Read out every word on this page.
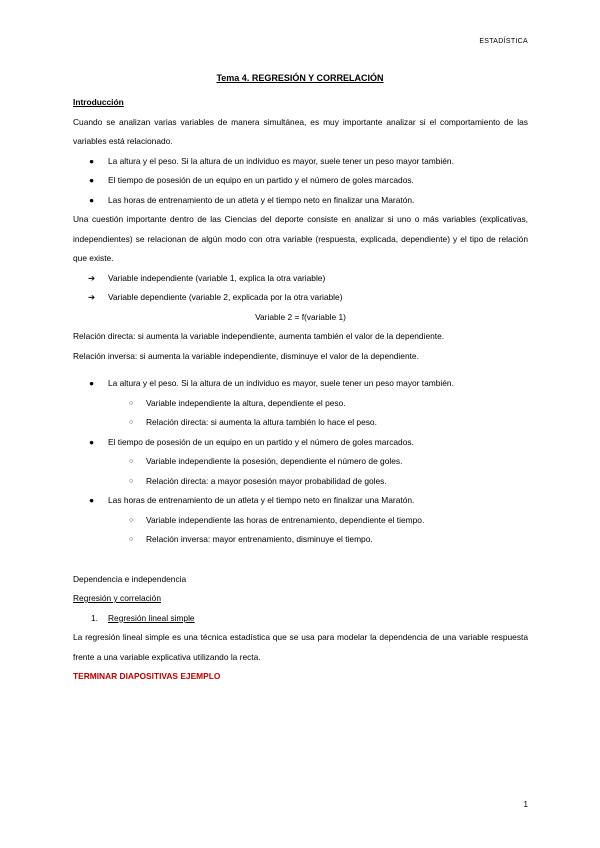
ESTADÍSTICA
Tema 4. REGRESIÓN Y CORRELACIÓN
Introducción

Cuando se analizan varias variables de manera simultánea, es muy importante analizar si el comportamiento de las variables está relacionado.

● La altura y el peso. Si la altura de un individuo es mayor, suele tener un peso mayor también.
● El tiempo de posesión de un equipo en un partido y el número de goles marcados.
● Las horas de entrenamiento de un atleta y el tiempo neto en finalizar una Maratón.

Una cuestión importante dentro de las Ciencias del deporte consiste en analizar si uno o más variables (explicativas, independientes) se relacionan de algún modo con otra variable (respuesta, explicada, dependiente) y el tipo de relación que existe.

➔ Variable independiente (variable 1, explica la otra variable)
➔ Variable dependiente (variable 2, explicada por la otra variable)

Variable 2 = f(variable 1)

Relación directa: si aumenta la variable independiente, aumenta también el valor de la dependiente.

Relación inversa: si aumenta la variable independiente, disminuye el valor de la dependiente.

● La altura y el peso. Si la altura de un individuo es mayor, suele tener un peso mayor también.
○ Variable independiente la altura, dependiente el peso.
○ Relación directa: si aumenta la altura también lo hace el peso.
● El tiempo de posesión de un equipo en un partido y el número de goles marcados.
○ Variable independiente la posesión, dependiente el número de goles.
○ Relación directa: a mayor posesión mayor probabilidad de goles.
● Las horas de entrenamiento de un atleta y el tiempo neto en finalizar una Maratón.
○ Variable independiente las horas de entrenamiento, dependiente el tiempo.
○ Relación inversa: mayor entrenamiento, disminuye el tiempo.

Dependencia e independencia

Regresión y correlación
1. Regresión lineal simple

La regresión lineal simple es una técnica estadística que se usa para modelar la dependencia de una variable respuesta frente a una variable explicativa utilizando la recta.

TERMINAR DIAPOSITIVAS EJEMPLO

1
